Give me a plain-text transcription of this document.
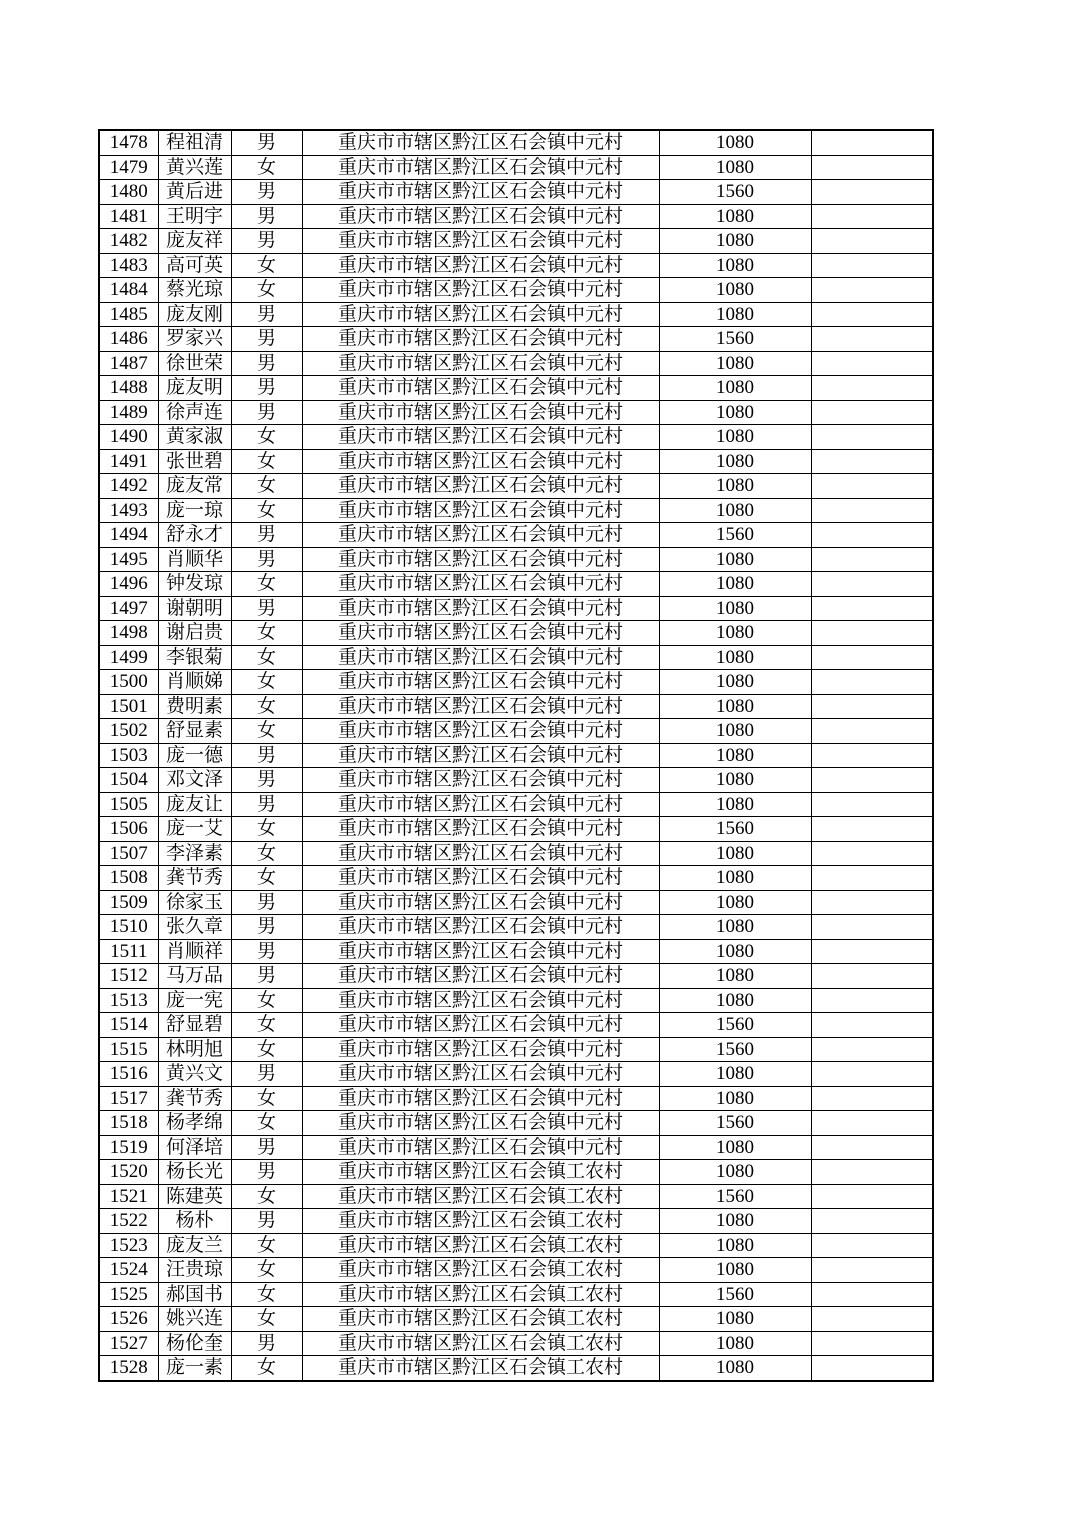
1478	程祖清	男	重庆市市辖区黔江区石会镇中元村	1080	
1479	黄兴莲	女	重庆市市辖区黔江区石会镇中元村	1080	
1480	黄后进	男	重庆市市辖区黔江区石会镇中元村	1560	
1481	王明宇	男	重庆市市辖区黔江区石会镇中元村	1080	
1482	庞友祥	男	重庆市市辖区黔江区石会镇中元村	1080	
1483	高可英	女	重庆市市辖区黔江区石会镇中元村	1080	
1484	蔡光琼	女	重庆市市辖区黔江区石会镇中元村	1080	
1485	庞友刚	男	重庆市市辖区黔江区石会镇中元村	1080	
1486	罗家兴	男	重庆市市辖区黔江区石会镇中元村	1560	
1487	徐世荣	男	重庆市市辖区黔江区石会镇中元村	1080	
1488	庞友明	男	重庆市市辖区黔江区石会镇中元村	1080	
1489	徐声连	男	重庆市市辖区黔江区石会镇中元村	1080	
1490	黄家淑	女	重庆市市辖区黔江区石会镇中元村	1080	
1491	张世碧	女	重庆市市辖区黔江区石会镇中元村	1080	
1492	庞友常	女	重庆市市辖区黔江区石会镇中元村	1080	
1493	庞一琼	女	重庆市市辖区黔江区石会镇中元村	1080	
1494	舒永才	男	重庆市市辖区黔江区石会镇中元村	1560	
1495	肖顺华	男	重庆市市辖区黔江区石会镇中元村	1080	
1496	钟发琼	女	重庆市市辖区黔江区石会镇中元村	1080	
1497	谢朝明	男	重庆市市辖区黔江区石会镇中元村	1080	
1498	谢启贵	女	重庆市市辖区黔江区石会镇中元村	1080	
1499	李银菊	女	重庆市市辖区黔江区石会镇中元村	1080	
1500	肖顺娣	女	重庆市市辖区黔江区石会镇中元村	1080	
1501	费明素	女	重庆市市辖区黔江区石会镇中元村	1080	
1502	舒显素	女	重庆市市辖区黔江区石会镇中元村	1080	
1503	庞一德	男	重庆市市辖区黔江区石会镇中元村	1080	
1504	邓文泽	男	重庆市市辖区黔江区石会镇中元村	1080	
1505	庞友让	男	重庆市市辖区黔江区石会镇中元村	1080	
1506	庞一艾	女	重庆市市辖区黔江区石会镇中元村	1560	
1507	李泽素	女	重庆市市辖区黔江区石会镇中元村	1080	
1508	龚节秀	女	重庆市市辖区黔江区石会镇中元村	1080	
1509	徐家玉	男	重庆市市辖区黔江区石会镇中元村	1080	
1510	张久章	男	重庆市市辖区黔江区石会镇中元村	1080	
1511	肖顺祥	男	重庆市市辖区黔江区石会镇中元村	1080	
1512	马万品	男	重庆市市辖区黔江区石会镇中元村	1080	
1513	庞一宪	女	重庆市市辖区黔江区石会镇中元村	1080	
1514	舒显碧	女	重庆市市辖区黔江区石会镇中元村	1560	
1515	林明旭	女	重庆市市辖区黔江区石会镇中元村	1560	
1516	黄兴文	男	重庆市市辖区黔江区石会镇中元村	1080	
1517	龚节秀	女	重庆市市辖区黔江区石会镇中元村	1080	
1518	杨孝绵	女	重庆市市辖区黔江区石会镇中元村	1560	
1519	何泽培	男	重庆市市辖区黔江区石会镇中元村	1080	
1520	杨长光	男	重庆市市辖区黔江区石会镇工农村	1080	
1521	陈建英	女	重庆市市辖区黔江区石会镇工农村	1560	
1522	杨朴	男	重庆市市辖区黔江区石会镇工农村	1080	
1523	庞友兰	女	重庆市市辖区黔江区石会镇工农村	1080	
1524	汪贵琼	女	重庆市市辖区黔江区石会镇工农村	1080	
1525	郝国书	女	重庆市市辖区黔江区石会镇工农村	1560	
1526	姚兴连	女	重庆市市辖区黔江区石会镇工农村	1080	
1527	杨伦奎	男	重庆市市辖区黔江区石会镇工农村	1080	
1528	庞一素	女	重庆市市辖区黔江区石会镇工农村	1080	
